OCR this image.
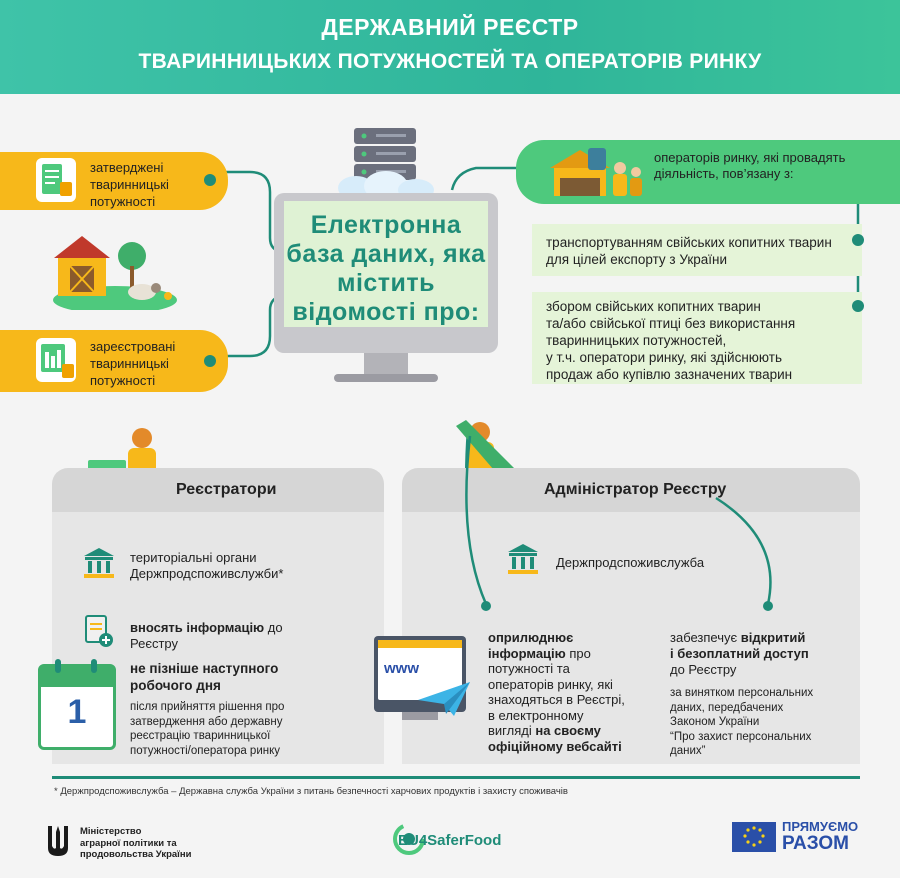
ДЕРЖАВНИЙ РЕЄСТР
ТВАРИННИЦЬКИХ ПОТУЖНОСТЕЙ ТА ОПЕРАТОРІВ РИНКУ
затверджені тваринницькі потужності
зареєстровані тваринницькі потужності
Електронна база даних, яка містить відомості про:
операторів ринку, які провадять діяльність, пов’язану з:
транспортуванням свійських копитних тварин для цілей експорту з України
збором свійських копитних тварин
та/або свійської птиці без використання
тваринницьких потужностей,
у т.ч. оператори ринку, які здійснюють
продаж або купівлю зазначених тварин
Реєстратори
територіальні органи
Держпродспоживслужби*
вносять інформацію до
Реєстру
1
не пізніше наступного
робочого дня
після прийняття рішення про
затвердження або державну
реєстрацію тваринницької
потужності/оператора ринку
Адміністратор Реєстру
Держпродспоживслужба
www
оприлюднює
інформацію про
потужності та
операторів ринку, які
знаходяться в Реєстрі,
в електронному
вигляді на своєму
офіційному вебсайті
забезпечує відкритий
і безоплатний доступ
до Реєстру
за винятком персональних
даних, передбачених
Законом України
“Про захист персональних
даних”
* Держпродспоживслужба – Державна служба України з питань безпечності харчових продуктів і захисту споживачів
Міністерство
аграрної політики та
продовольства України
EU4SaferFood
ПРЯМУЄМО
РАЗОМ
